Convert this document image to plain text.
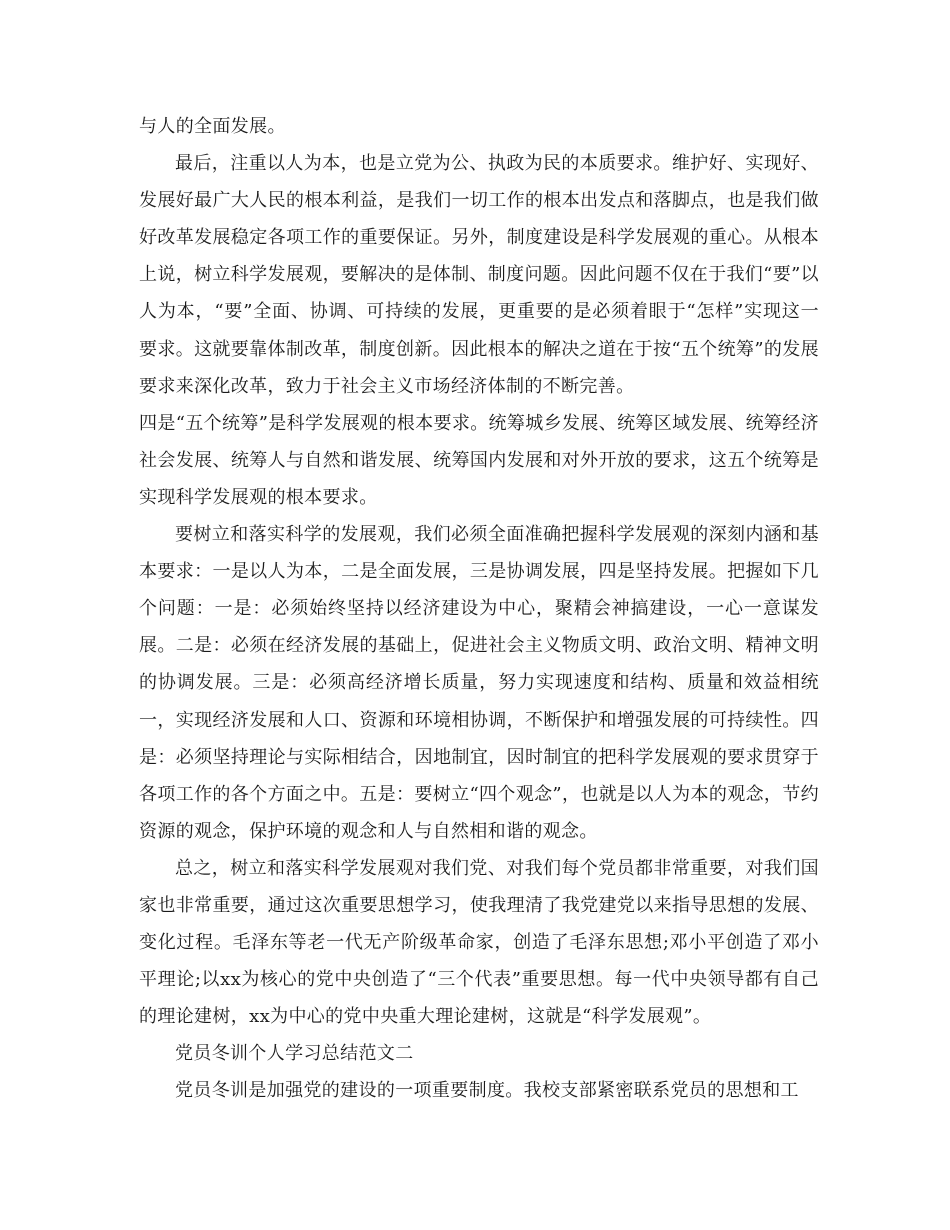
与人的全面发展。

最后，注重以人为本，也是立党为公、执政为民的本质要求。维护好、实现好、发展好最广大人民的根本利益，是我们一切工作的根本出发点和落脚点，也是我们做好改革发展稳定各项工作的重要保证。另外，制度建设是科学发展观的重心。从根本上说，树立科学发展观，要解决的是体制、制度问题。因此问题不仅在于我们“要”以人为本，“要”全面、协调、可持续的发展，更重要的是必须着眼于“怎样”实现这一要求。这就要靠体制改革，制度创新。因此根本的解决之道在于按“五个统筹”的发展要求来深化改革，致力于社会主义市场经济体制的不断完善。

四是“五个统筹”是科学发展观的根本要求。统筹城乡发展、统筹区域发展、统筹经济社会发展、统筹人与自然和谐发展、统筹国内发展和对外开放的要求，这五个统筹是实现科学发展观的根本要求。

要树立和落实科学的发展观，我们必须全面准确把握科学发展观的深刻内涵和基本要求：一是以人为本，二是全面发展，三是协调发展，四是坚持发展。把握如下几个问题：一是：必须始终坚持以经济建设为中心，聚精会神搞建设，一心一意谋发展。二是：必须在经济发展的基础上，促进社会主义物质文明、政治文明、精神文明的协调发展。三是：必须高经济增长质量，努力实现速度和结构、质量和效益相统一，实现经济发展和人口、资源和环境相协调，不断保护和增强发展的可持续性。四是：必须坚持理论与实际相结合，因地制宜，因时制宜的把科学发展观的要求贯穿于各项工作的各个方面之中。五是：要树立“四个观念”，也就是以人为本的观念，节约资源的观念，保护环境的观念和人与自然相和谐的观念。

总之，树立和落实科学发展观对我们党、对我们每个党员都非常重要，对我们国家也非常重要，通过这次重要思想学习，使我理清了我党建党以来指导思想的发展、变化过程。毛泽东等老一代无产阶级革命家，创造了毛泽东思想;邓小平创造了邓小平理论;以xx为核心的党中央创造了“三个代表”重要思想。每一代中央领导都有自己的理论建树，xx为中心的党中央重大理论建树，这就是“科学发展观”。

党员冬训个人学习总结范文二

党员冬训是加强党的建设的一项重要制度。我校支部紧密联系党员的思想和工
